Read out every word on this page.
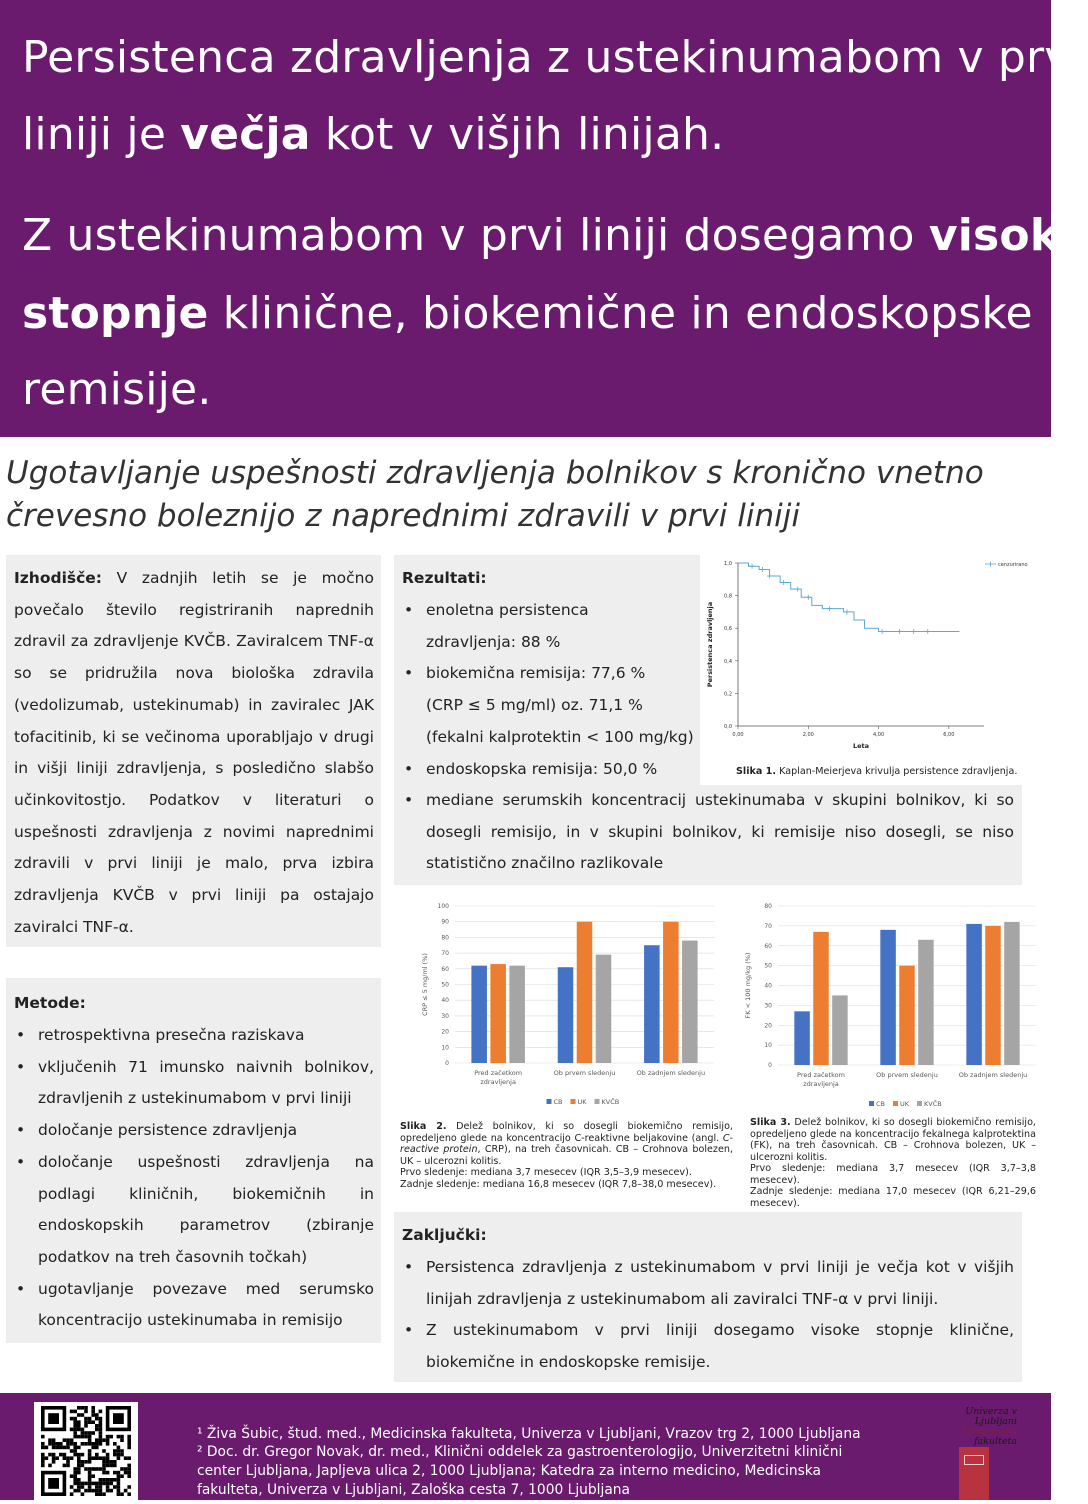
Persistenca zdravljenja z ustekinumabom v prvi
liniji je večja kot v višjih linijah.
Z ustekinumabom v prvi liniji dosegamo visoke
stopnje klinične, biokemične in endoskopske
remisije.
Ugotavljanje uspešnosti zdravljenja bolnikov s kronično vnetno črevesno boleznijo z naprednimi zdravili v prvi liniji
Izhodišče: V zadnjih letih se je močno povečalo število registriranih naprednih zdravil za zdravljenje KVČB. Zaviralcem TNF-α so se pridružila nova biološka zdravila (vedolizumab, ustekinumab) in zaviralec JAK tofacitinib, ki se večinoma uporabljajo v drugi in višji liniji zdravljenja, s posledično slabšo učinkovitostjo. Podatkov v literaturi o uspešnosti zdravljenja z novimi naprednimi zdravili v prvi liniji je malo, prva izbira zdravljenja KVČB v prvi liniji pa ostajajo zaviralci TNF-α.
Metode:
• retrospektivna presečna raziskava
• vključenih 71 imunsko naivnih bolnikov, zdravljenih z ustekinumabom v prvi liniji
• določanje persistence zdravljenja
• določanje uspešnosti zdravljenja na podlagi kliničnih, biokemičnih in endoskopskih parametrov (zbiranje podatkov na treh časovnih točkah)
• ugotavljanje povezave med serumsko koncentracijo ustekinumaba in remisijo
Rezultati:
• enoletna persistenca
zdravljenja: 88 %
• biokemična remisija: 77,6 %
(CRP ≤ 5 mg/ml) oz. 71,1 %
(fekalni kalprotektin < 100 mg/kg)
• endoskopska remisija: 50,0 %
• mediane serumskih koncentracij ustekinumaba v skupini bolnikov, ki so dosegli remisijo, in v skupini bolnikov, ki remisije niso dosegli, se niso statistično značilno razlikovale
0,0
0,2
0,4
0,6
0,8
1,0
0,00	2,00	4,00	6,00
Leta
Persistenca zdravljenja
cenzurirano
Slika 1. Kaplan-Meierjeva krivulja persistence zdravljenja.
0
10
20
30
40
50
60
70
80
90
100
CRP ≤ 5 mg/ml (%)
Pred začetkom
zdravljenja
Ob prvem sledenju	Ob zadnjem sledenju
CB UK KVČB
0
10
20
30
40
50
60
70
80
FK < 100 mg/kg (%)
Pred začetkom
zdravljenja
Ob prvem sledenju	Ob zadnjem sledenju
CB UK KVČB
Slika 2. Delež bolnikov, ki so dosegli biokemično remisijo, opredeljeno glede na koncentracijo C-reaktivne beljakovine (angl. C-reactive protein, CRP), na treh časovnicah. CB – Crohnova bolezen, UK – ulcerozni kolitis.
Prvo sledenje: mediana 3,7 mesecev (IQR 3,5–3,9 mesecev).
Zadnje sledenje: mediana 16,8 mesecev (IQR 7,8–38,0 mesecev).
Slika 3. Delež bolnikov, ki so dosegli biokemično remisijo, opredeljeno glede na koncentracijo fekalnega kalprotektina (FK), na treh časovnicah. CB – Crohnova bolezen, UK – ulcerozni kolitis.
Prvo sledenje: mediana 3,7 mesecev (IQR 3,7–3,8 mesecev).
Zadnje sledenje: mediana 17,0 mesecev (IQR 6,21–29,6 mesecev).
Zaključki:
• Persistenca zdravljenja z ustekinumabom v prvi liniji je večja kot v višjih linijah zdravljenja z ustekinumabom ali zaviralci TNF-α v prvi liniji.
• Z ustekinumabom v prvi liniji dosegamo visoke stopnje klinične, biokemične in endoskopske remisije.
¹ Živa Šubic, štud. med., Medicinska fakulteta, Univerza v Ljubljani, Vrazov trg 2, 1000 Ljubljana
² Doc. dr. Gregor Novak, dr. med., Klinični oddelek za gastroenterologijo, Univerzitetni klinični
center Ljubljana, Japljeva ulica 2, 1000 Ljubljana; Katedra za interno medicino, Medicinska
fakulteta, Univerza v Ljubljani, Zaloška cesta 7, 1000 Ljubljana
Univerza v Ljubljani
Medicinska fakulteta
